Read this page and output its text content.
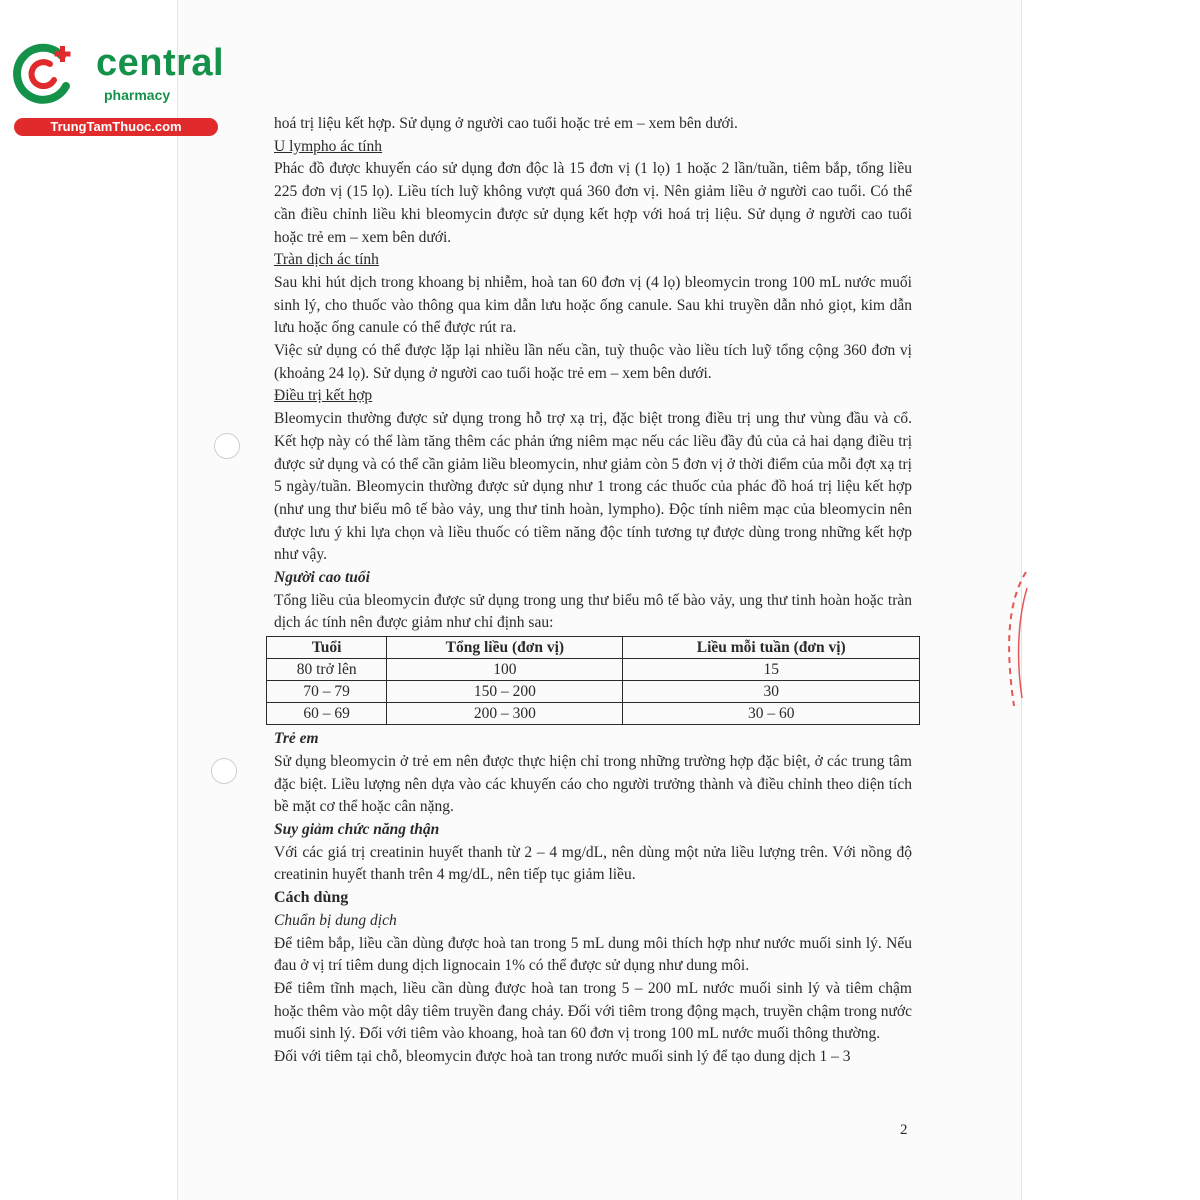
central
pharmacy
TrungTamThuoc.com	hoá trị liệu kết hợp. Sử dụng ở người cao tuổi hoặc trẻ em – xem bên dưới.

U lympho ác tính

Phác đồ được khuyến cáo sử dụng đơn độc là 15 đơn vị (1 lọ) 1 hoặc 2 lần/tuần, tiêm bắp, tổng liều 225 đơn vị (15 lọ). Liều tích luỹ không vượt quá 360 đơn vị. Nên giảm liều ở người cao tuổi. Có thể cần điều chỉnh liều khi bleomycin được sử dụng kết hợp với hoá trị liệu. Sử dụng ở người cao tuổi hoặc trẻ em – xem bên dưới.

Tràn dịch ác tính

Sau khi hút dịch trong khoang bị nhiễm, hoà tan 60 đơn vị (4 lọ) bleomycin trong 100 mL nước muối sinh lý, cho thuốc vào thông qua kim dẫn lưu hoặc ống canule. Sau khi truyền dẫn nhỏ giọt, kim dẫn lưu hoặc ống canule có thể được rút ra.

Việc sử dụng có thể được lặp lại nhiều lần nếu cần, tuỳ thuộc vào liều tích luỹ tổng cộng 360 đơn vị (khoảng 24 lọ). Sử dụng ở người cao tuổi hoặc trẻ em – xem bên dưới.

Điều trị kết hợp

Bleomycin thường được sử dụng trong hỗ trợ xạ trị, đặc biệt trong điều trị ung thư vùng đầu và cổ. Kết hợp này có thể làm tăng thêm các phản ứng niêm mạc nếu các liều đầy đủ của cả hai dạng điều trị được sử dụng và có thể cần giảm liều bleomycin, như giảm còn 5 đơn vị ở thời điểm của mỗi đợt xạ trị 5 ngày/tuần. Bleomycin thường được sử dụng như 1 trong các thuốc của phác đồ hoá trị liệu kết hợp (như ung thư biểu mô tế bào vảy, ung thư tinh hoàn, lympho). Độc tính niêm mạc của bleomycin nên được lưu ý khi lựa chọn và liều thuốc có tiềm năng độc tính tương tự được dùng trong những kết hợp như vậy.

Người cao tuổi

Tổng liều của bleomycin được sử dụng trong ung thư biểu mô tế bào vảy, ung thư tinh hoàn hoặc tràn dịch ác tính nên được giảm như chỉ định sau:

Tuổi	Tổng liều (đơn vị)	Liều mỗi tuần (đơn vị)
80 trở lên	100	15
70 – 79	150 – 200	30
60 – 69	200 – 300	30 – 60
Trẻ em

Sử dụng bleomycin ở trẻ em nên được thực hiện chỉ trong những trường hợp đặc biệt, ở các trung tâm đặc biệt. Liều lượng nên dựa vào các khuyến cáo cho người trưởng thành và điều chỉnh theo diện tích bề mặt cơ thể hoặc cân nặng.

Suy giảm chức năng thận

Với các giá trị creatinin huyết thanh từ 2 – 4 mg/dL, nên dùng một nửa liều lượng trên. Với nồng độ creatinin huyết thanh trên 4 mg/dL, nên tiếp tục giảm liều.

Cách dùng
Chuẩn bị dung dịch

Để tiêm bắp, liều cần dùng được hoà tan trong 5 mL dung môi thích hợp như nước muối sinh lý. Nếu đau ở vị trí tiêm dung dịch lignocain 1% có thể được sử dụng như dung môi.

Để tiêm tĩnh mạch, liều cần dùng được hoà tan trong 5 – 200 mL nước muối sinh lý và tiêm chậm hoặc thêm vào một dây tiêm truyền đang chảy. Đối với tiêm trong động mạch, truyền chậm trong nước muối sinh lý. Đối với tiêm vào khoang, hoà tan 60 đơn vị trong 100 mL nước muối thông thường.

Đối với tiêm tại chỗ, bleomycin được hoà tan trong nước muối sinh lý để tạo dung dịch 1 – 3

2
